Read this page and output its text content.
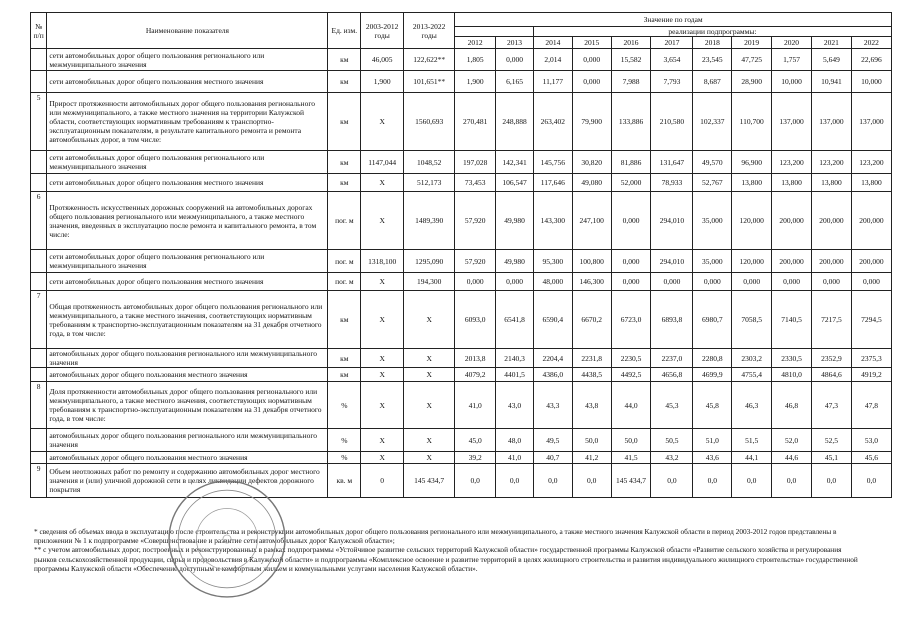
№ п/п	Наименование показателя	Ед. изм.	2003-2012 годы	2013-2022 годы	Значение по годам										
							реализации подпрограммы:								
					2012	2013	2014	2015	2016	2017	2018	2019	2020	2021	2022
	сети автомобильных дорог общего пользования регионального или межмуниципального значения	км	46,005	122,622**	1,805	0,000	2,014	0,000	15,582	3,654	23,545	47,725	1,757	5,649	22,696
	сети автомобильных дорог общего пользования местного значения	км	1,900	101,651**	1,900	6,165	11,177	0,000	7,988	7,793	8,687	28,900	10,000	10,941	10,000
5	Прирост протяженности автомобильных дорог общего пользования регионального или межмуниципального, а также местного значения на территории Калужской области, соответствующих нормативным требованиям к транспортно-эксплуатационным показателям, в результате капитального ремонта и ремонта автомобильных дорог, в том числе:	км	X	1560,693	270,481	248,888	263,402	79,900	133,886	210,580	102,337	110,700	137,000	137,000	137,000
	сети автомобильных дорог общего пользования регионального или межмуниципального значения	км	1147,044	1048,52	197,028	142,341	145,756	30,820	81,886	131,647	49,570	96,900	123,200	123,200	123,200
	сети автомобильных дорог общего пользования местного значения	км	X	512,173	73,453	106,547	117,646	49,080	52,000	78,933	52,767	13,800	13,800	13,800	13,800
6	Протяженность искусственных дорожных сооружений на автомобильных дорогах общего пользования регионального или межмуниципального, а также местного значения, введенных в эксплуатацию после ремонта и капитального ремонта, в том числе:	пог. м	X	1489,390	57,920	49,980	143,300	247,100	0,000	294,010	35,000	120,000	200,000	200,000	200,000
	сети автомобильных дорог общего пользования регионального или межмуниципального значения	пог. м	1318,100	1295,090	57,920	49,980	95,300	100,800	0,000	294,010	35,000	120,000	200,000	200,000	200,000
	сети автомобильных дорог общего пользования местного значения	пог. м	X	194,300	0,000	0,000	48,000	146,300	0,000	0,000	0,000	0,000	0,000	0,000	0,000
7	Общая протяженность автомобильных дорог общего пользования регионального или межмуниципального, а также местного значения, соответствующих нормативным требованиям к транспортно-эксплуатационным показателям на 31 декабря отчетного года, в том числе:	км	X	X	6093,0	6541,8	6590,4	6670,2	6723,0	6893,8	6980,7	7058,5	7140,5	7217,5	7294,5
	автомобильных дорог общего пользования регионального или межмуниципального значения	км	X	X	2013,8	2140,3	2204,4	2231,8	2230,5	2237,0	2280,8	2303,2	2330,5	2352,9	2375,3
	автомобильных дорог общего пользования местного значения	км	X	X	4079,2	4401,5	4386,0	4438,5	4492,5	4656,8	4699,9	4755,4	4810,0	4864,6	4919,2
8	Доля протяженности автомобильных дорог общего пользования регионального или межмуниципального, а также местного значения, соответствующих нормативным требованиям к транспортно-эксплуатационным показателям на 31 декабря отчетного года, в том числе:	%	X	X	41,0	43,0	43,3	43,8	44,0	45,3	45,8	46,3	46,8	47,3	47,8
	автомобильных дорог общего пользования регионального или межмуниципального значения	%	X	X	45,0	48,0	49,5	50,0	50,0	50,5	51,0	51,5	52,0	52,5	53,0
	автомобильных дорог общего пользования местного значения	%	X	X	39,2	41,0	40,7	41,2	41,5	43,2	43,6	44,1	44,6	45,1	45,6
9	Объем неотложных работ по ремонту и содержанию автомобильных дорог местного значения и (или) уличной дорожной сети в целях ликвидации дефектов дорожного покрытия	кв. м	0	145 434,7	0,0	0,0	0,0	0,0	145 434,7	0,0	0,0	0,0	0,0	0,0	0,0

* сведения об объемах ввода в эксплуатацию после строительства и реконструкции автомобильных дорог общего пользования регионального или межмуниципального, а также местного значения Калужской области в период 2003-2012 годов представлены в приложении № 1 к подпрограмме «Совершенствование и развитие сети автомобильных дорог Калужской области»;

** с учетом автомобильных дорог, построенных и реконструированных в рамках подпрограммы «Устойчивое развитие сельских территорий Калужской области» государственной программы Калужской области «Развитие сельского хозяйства и регулирования рынков сельскохозяйственной продукции, сырья и продовольствия в Калужской области» и подпрограммы «Комплексное освоение и развитие территорий в целях жилищного строительства и развития индивидуального жилищного строительства» государственной программы Калужской области «Обеспечение доступным и комфортным жильем и коммунальными услугами населения Калужской области».
